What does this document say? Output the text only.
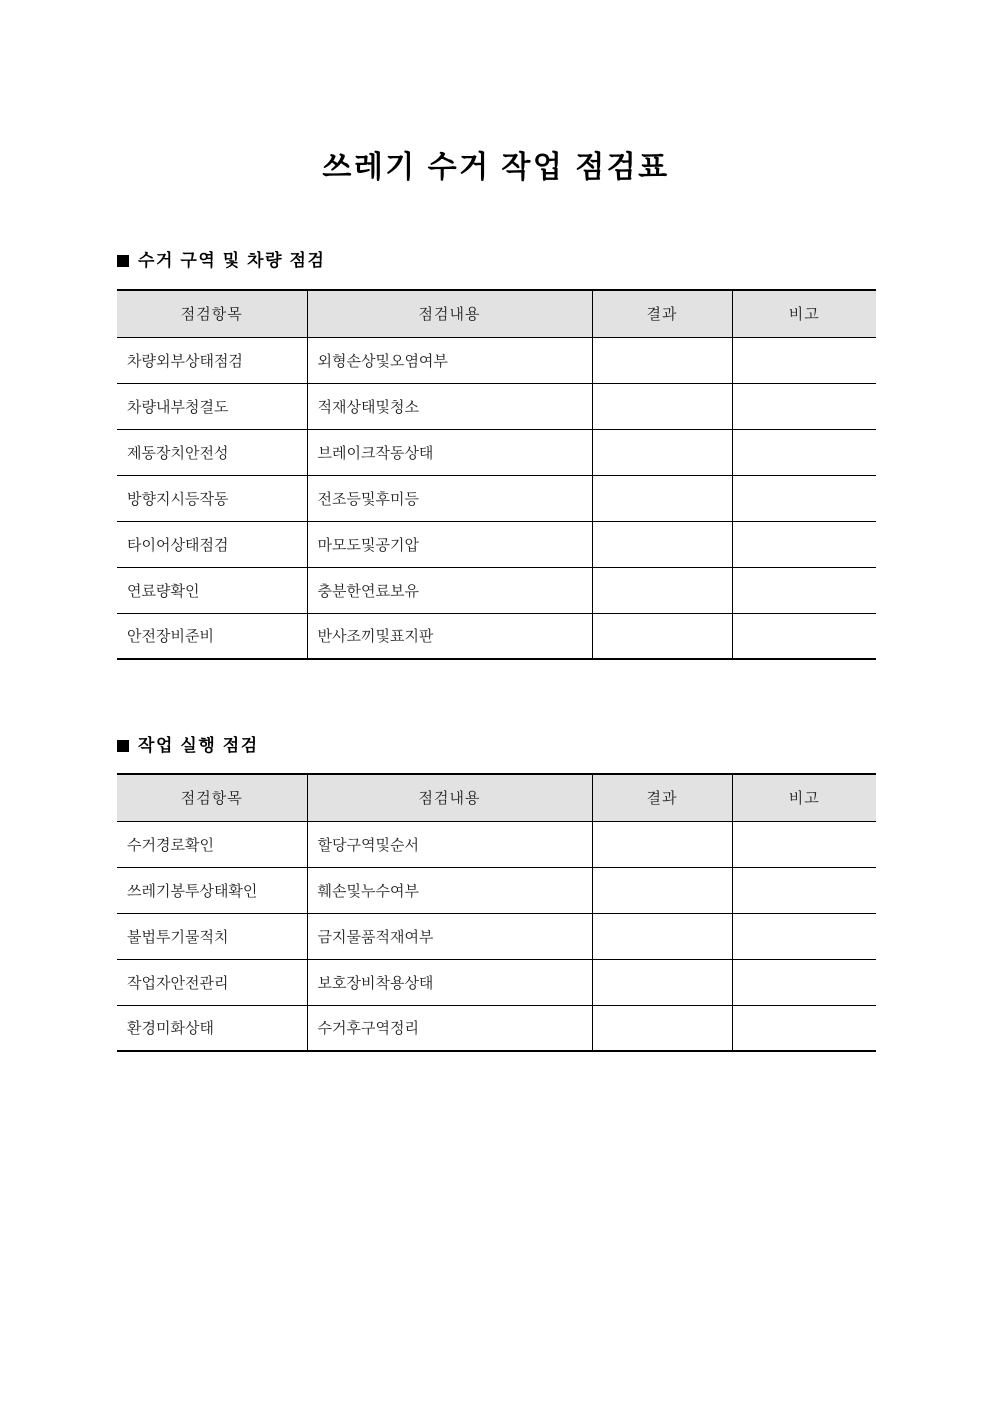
쓰레기 수거 작업 점검표
수거 구역 및 차량 점검
점검항목	점검내용	결과	비고
차량외부상태점검	외형손상및오염여부		
차량내부청결도	적재상태및청소		
제동장치안전성	브레이크작동상태		
방향지시등작동	전조등및후미등		
타이어상태점검	마모도및공기압		
연료량확인	충분한연료보유		
안전장비준비	반사조끼및표지판		
작업 실행 점검
점검항목	점검내용	결과	비고
수거경로확인	할당구역및순서		
쓰레기봉투상태확인	훼손및누수여부		
불법투기물적치	금지물품적재여부		
작업자안전관리	보호장비착용상태		
환경미화상태	수거후구역정리		
